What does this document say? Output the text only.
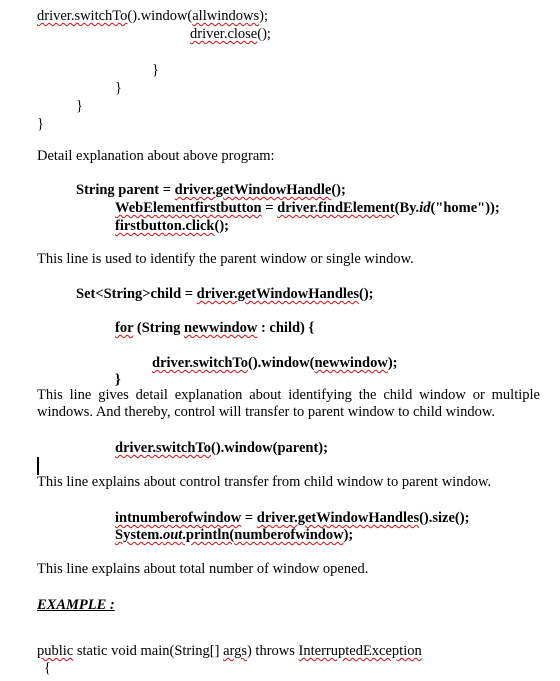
driver.switchTo().window(allwindows);
driver.close();
}
}
}
}
Detail explanation about above program:
String parent = driver.getWindowHandle();
WebElementfirstbutton = driver.findElement(By.id("home"));
firstbutton.click();
This line is used to identify the parent window or single window.
Set<String>child = driver.getWindowHandles();
for (String newwindow : child) {
driver.switchTo().window(newwindow);
}
This line gives detail explanation about identifying the child window or multiple windows. And thereby, control will transfer to parent window to child window.
driver.switchTo().window(parent);
This line explains about control transfer from child window to parent window.
intnumberofwindow = driver.getWindowHandles().size();
System.out.println(numberofwindow);
This line explains about total number of window opened.
EXAMPLE :
public static void main(String[] args) throws InterruptedException
{
